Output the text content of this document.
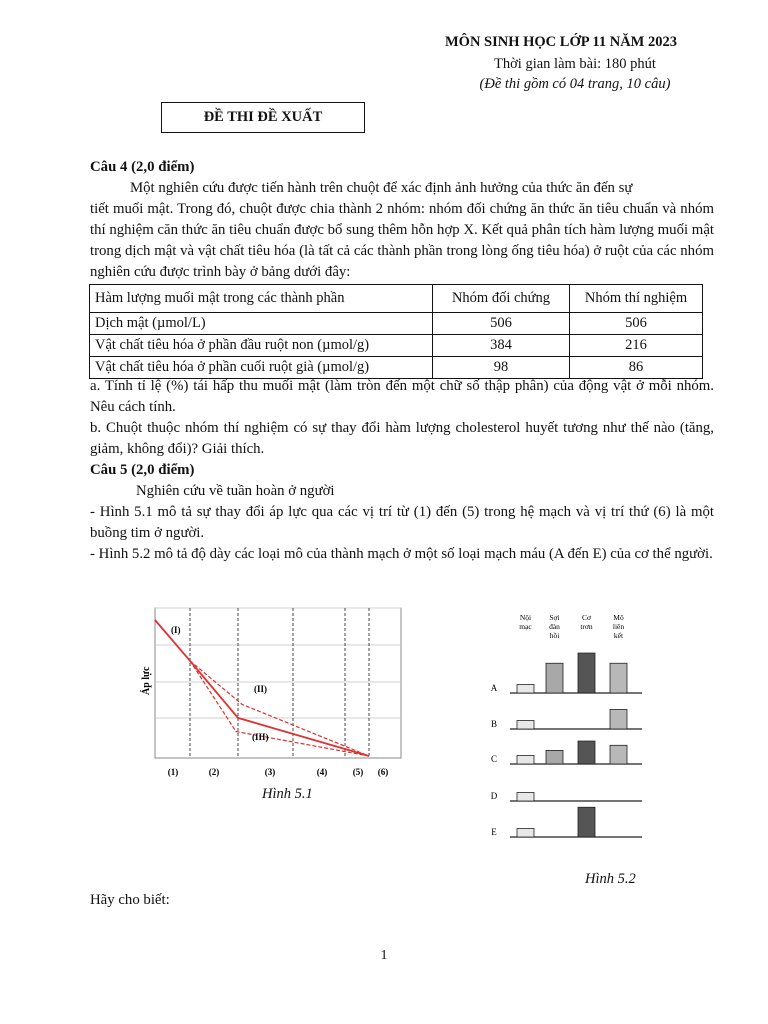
MÔN SINH HỌC LỚP 11 NĂM 2023
Thời gian làm bài: 180 phút
(Đề thi gồm có 04 trang, 10 câu)
ĐỀ THI ĐỀ XUẤT
Câu 4 (2,0 điểm)
Một nghiên cứu được tiến hành trên chuột để xác định ảnh hưởng của thức ăn đến sự
tiết muối mật. Trong đó, chuột được chia thành 2 nhóm: nhóm đối chứng ăn thức ăn tiêu chuẩn và nhóm thí nghiệm căn thức ăn tiêu chuẩn được bổ sung thêm hỗn hợp X. Kết quả phân tích hàm lượng muối mật trong dịch mật và vật chất tiêu hóa (là tất cả các thành phần trong lòng ống tiêu hóa) ở ruột của các nhóm nghiên cứu được trình bày ở bảng dưới đây:
Hàm lượng muối mật trong các thành phần	Nhóm đối chứng	Nhóm thí nghiệm
Dịch mật (µmol/L)	506	506
Vật chất tiêu hóa ở phần đầu ruột non (µmol/g)	384	216
Vật chất tiêu hóa ở phần cuối ruột già (µmol/g)	98	86
a. Tính tỉ lệ (%) tái hấp thu muối mật (làm tròn đến một chữ số thập phân) của động vật ở mỗi nhóm. Nêu cách tính.
b. Chuột thuộc nhóm thí nghiệm có sự thay đổi hàm lượng cholesterol huyết tương như thế nào (tăng, giảm, không đổi)? Giải thích.
Câu 5 (2,0 điểm)
Nghiên cứu về tuần hoàn ở người
- Hình 5.1 mô tả sự thay đổi áp lực qua các vị trí từ (1) đến (5) trong hệ mạch và vị trí thứ (6) là một buồng tim ở người.
- Hình 5.2 mô tả độ dày các loại mô của thành mạch ở một số loại mạch máu (A đến E) của cơ thể người.
(I)
(II)
(III)
(1)	(2)	(3)	(4)	(5) (6)
Áp lực
Hình 5.1
Nội
mạc
Sợi
đàn
hồi
Cơ
trơn
Mô
liên
kết
A
B
C
D
E
Hình 5.2
Hãy cho biết:
1
